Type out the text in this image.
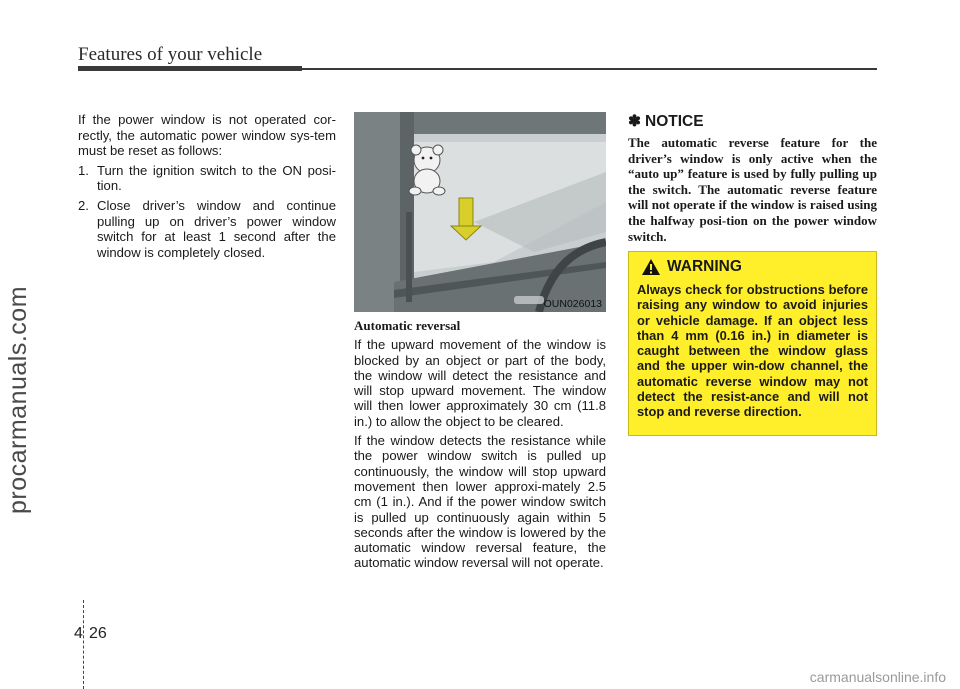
Features of your vehicle
procarmanuals.com

If the power window is not operated cor-rectly, the automatic power window sys-tem must be reset as follows:

1. Turn the ignition switch to the ON posi-tion.
2. Close driver’s window and continue pulling up on driver’s power window switch for at least 1 second after the window is completely closed.
OUN026013
Automatic reversal

If the upward movement of the window is blocked by an object or part of the body, the window will detect the resistance and will stop upward movement. The window will then lower approximately 30 cm (11.8 in.) to allow the object to be cleared.

If the window detects the resistance while the power window switch is pulled up continuously, the window will stop upward movement then lower approxi-mately 2.5 cm (1 in.). And if the power window switch is pulled up continuously again within 5 seconds after the window is lowered by the automatic window reversal feature, the automatic window reversal will not operate.

✽ NOTICE

The automatic reverse feature for the driver’s window is only active when the “auto up” feature is used by fully pulling up the switch. The automatic reverse feature will not operate if the window is raised using the halfway posi-tion on the power window switch.

WARNING

Always check for obstructions before raising any window to avoid injuries or vehicle damage. If an object less than 4 mm (0.16 in.) in diameter is caught between the window glass and the upper win-dow channel, the automatic reverse window may not detect the resist-ance and will not stop and reverse direction.

4 26
carmanualsonline.info
